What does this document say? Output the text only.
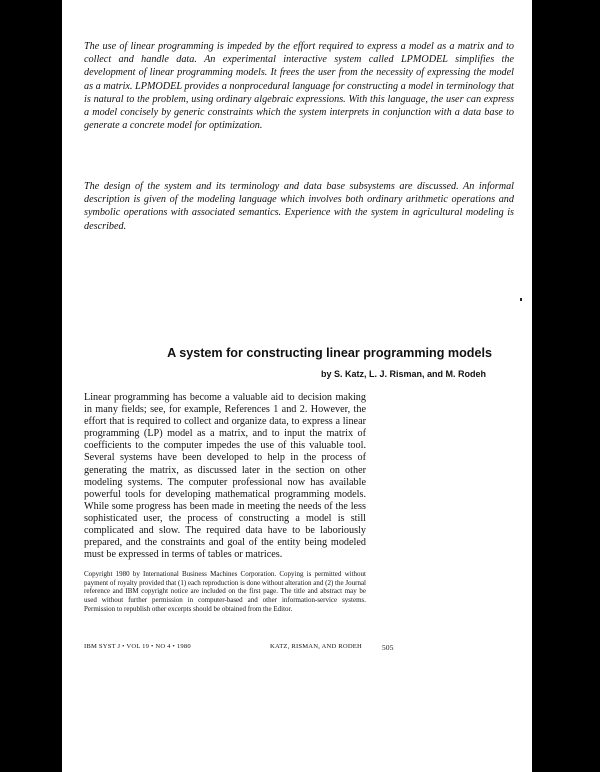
The use of linear programming is impeded by the effort required to express a model as a matrix and to collect and handle data. An experimental interactive system called LPMODEL simplifies the development of linear programming models. It frees the user from the necessity of expressing the model as a matrix. LPMODEL provides a nonprocedural language for constructing a model in terminology that is natural to the problem, using ordinary algebraic expressions. With this language, the user can express a model concisely by generic constraints which the system interprets in conjunction with a data base to generate a concrete model for optimization.

The design of the system and its terminology and data base subsystems are discussed. An informal description is given of the modeling language which involves both ordinary arithmetic operations and symbolic operations with associated semantics. Experience with the system in agricultural modeling is described.

A system for constructing linear programming models

by S. Katz, L. J. Risman, and M. Rodeh

Linear programming has become a valuable aid to decision making in many fields; see, for example, References 1 and 2. However, the effort that is required to collect and organize data, to express a linear programming (LP) model as a matrix, and to input the matrix of coefficients to the computer impedes the use of this valuable tool. Several systems have been developed to help in the process of generating the matrix, as discussed later in the section on other modeling systems. The computer professional now has available powerful tools for developing mathematical programming models. While some progress has been made in meeting the needs of the less sophisticated user, the process of constructing a model is still complicated and slow. The required data have to be laboriously prepared, and the constraints and goal of the entity being modeled must be expressed in terms of tables or matrices.

Copyright 1980 by International Business Machines Corporation. Copying is permitted without payment of royalty provided that (1) each reproduction is done without alteration and (2) the Journal reference and IBM copyright notice are included on the first page. The title and abstract may be used without further permission in computer-based and other information-service systems. Permission to republish other excerpts should be obtained from the Editor.

IBM SYST J • VOL 19 • NO 4 • 1980	KATZ, RISMAN, AND RODEH	505
